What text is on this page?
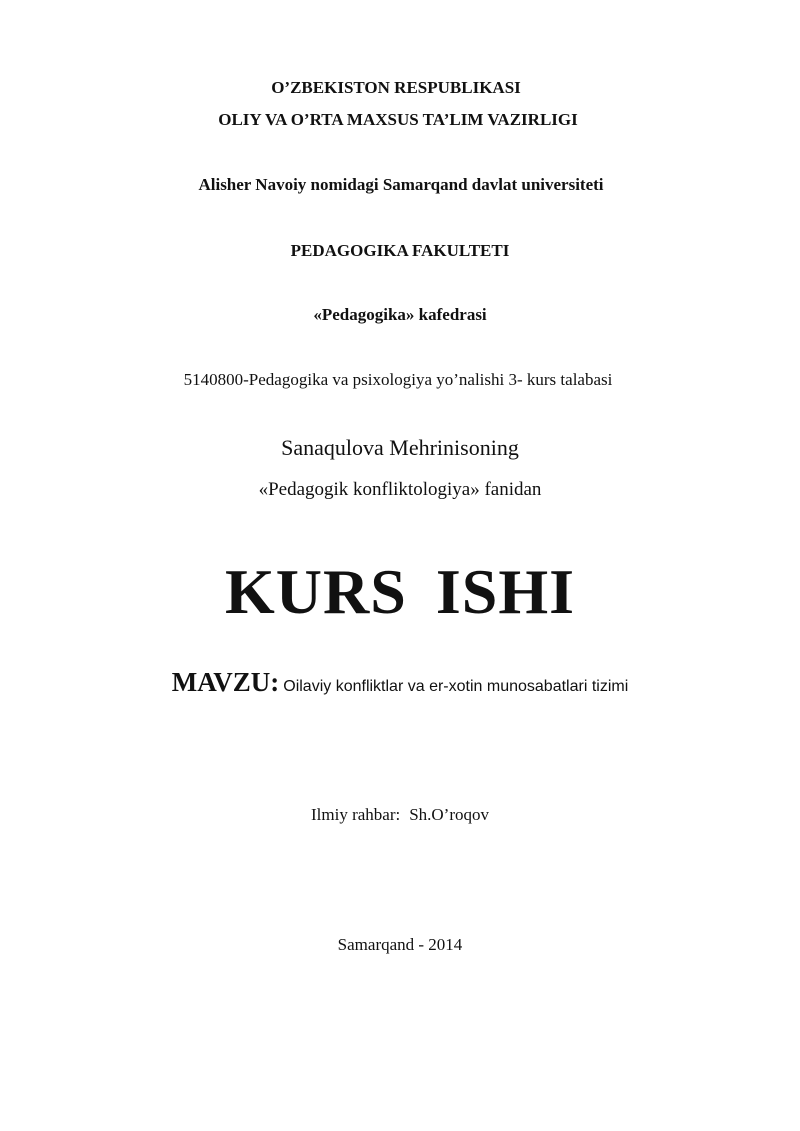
O’ZBEKISTON RESPUBLIKASI
OLIY VA O’RTA MAXSUS TA’LIM VAZIRLIGI
Alisher Navoiy nomidagi Samarqand davlat universiteti
PEDAGOGIKA FAKULTETI
«Pedagogika» kafedrasi
5140800-Pedagogika va psixologiya yo’nalishi 3- kurs talabasi
Sanaqulova Mehrinisoning
«Pedagogik konfliktologiya» fanidan
KURS ISHI
MAVZU: Oilaviy konfliktlar va er-xotin munosabatlari tizimi
Ilmiy rahbar: Sh.O’roqov
Samarqand - 2014
